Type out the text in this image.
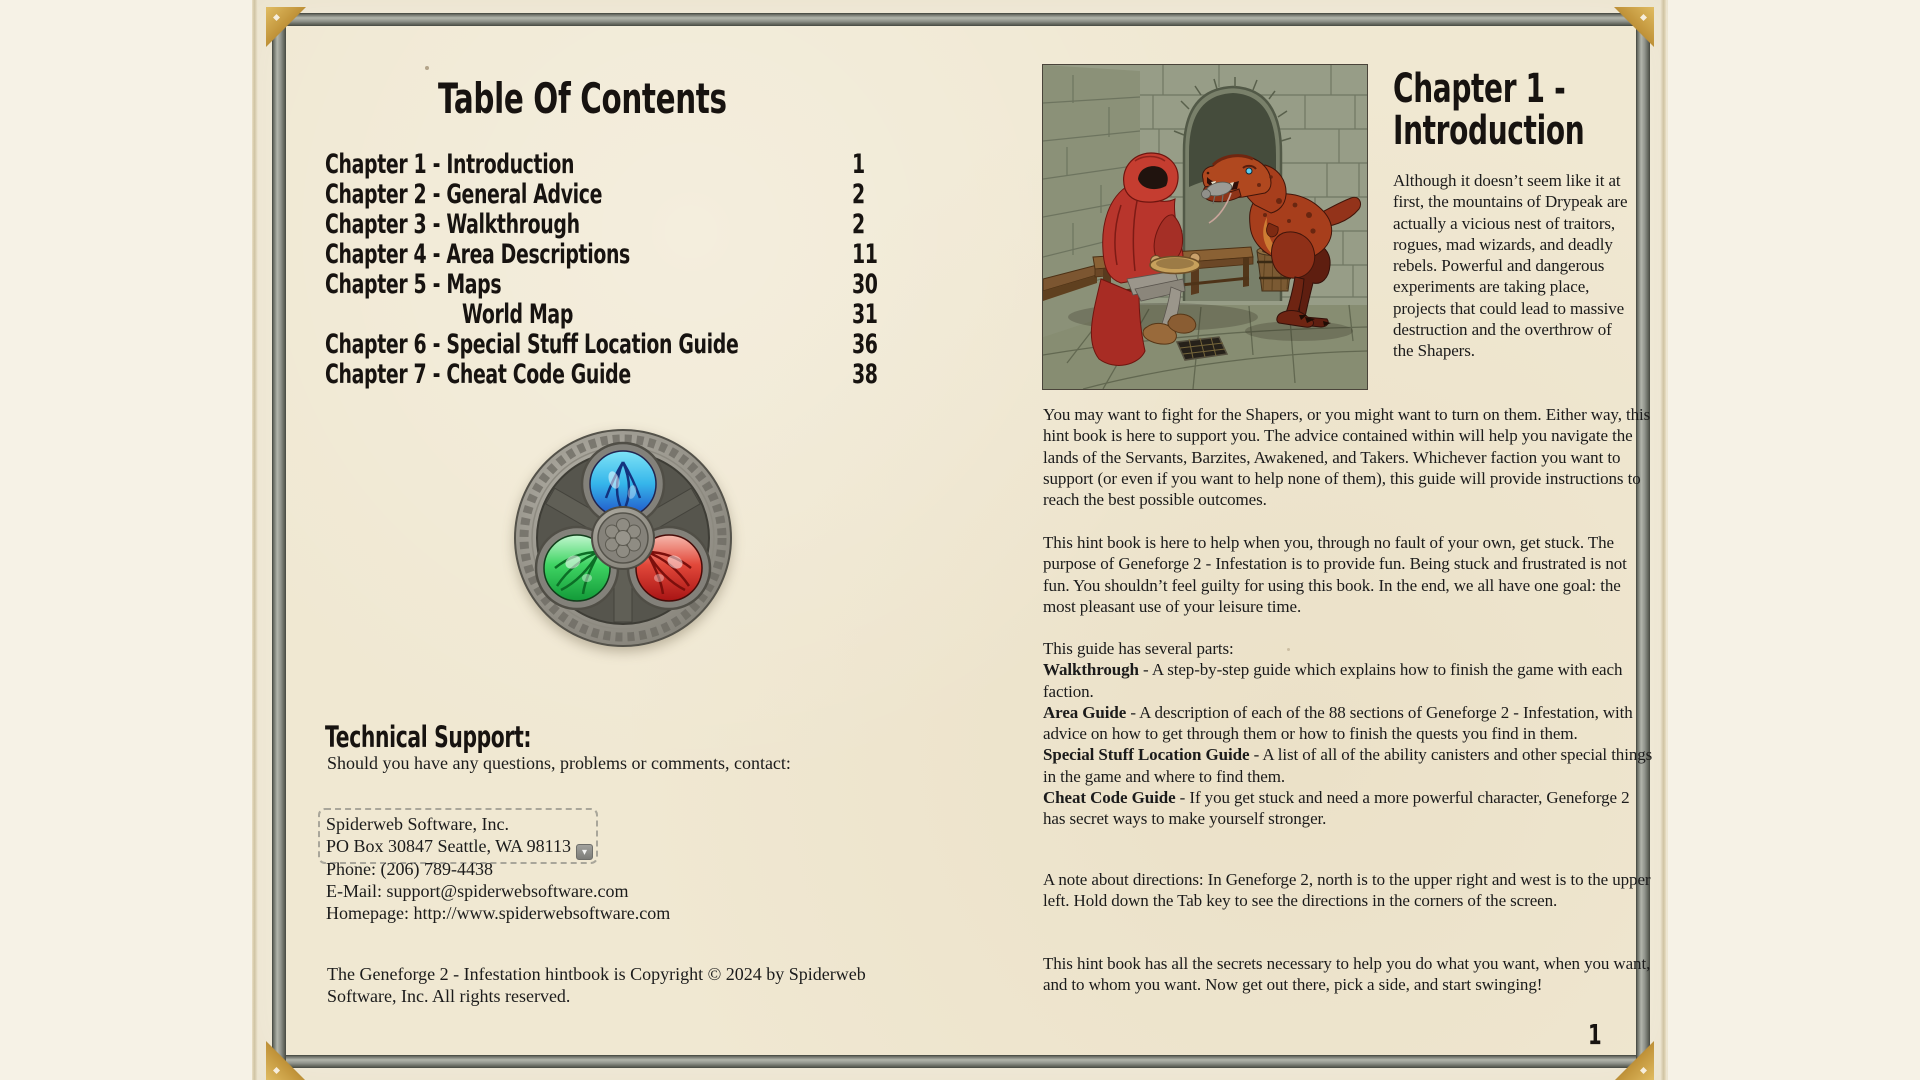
Table Of Contents
Chapter 1 - Introduction	1
Chapter 2 - General Advice	2
Chapter 3 - Walkthrough	2
Chapter 4 - Area Descriptions	11
Chapter 5 - Maps	30
World Map	31
Chapter 6 - Special Stuff Location Guide	36
Chapter 7 - Cheat Code Guide	38
Technical Support:
Should you have any questions, problems or comments, contact:
Spiderweb Software, Inc.
PO Box 30847 Seattle, WA 98113 ▾
Phone: (206) 789-4438
E-Mail: support@spiderwebsoftware.com
Homepage: http://www.spiderwebsoftware.com
The Geneforge 2 - Infestation hintbook is Copyright © 2024 by Spiderweb Software, Inc. All rights reserved.
Chapter 1 - Introduction
Although it doesn’t seem like it at first, the mountains of Drypeak are actually a vicious nest of traitors, rogues, mad wizards, and deadly rebels. Powerful and dangerous experiments are taking place, projects that could lead to massive destruction and the overthrow of the Shapers.
You may want to fight for the Shapers, or you might want to turn on them. Either way, this hint book is here to support you. The advice contained within will help you navigate the lands of the Servants, Barzites, Awakened, and Takers. Whichever faction you want to support (or even if you want to help none of them), this guide will provide instructions to reach the best possible outcomes.
This hint book is here to help when you, through no fault of your own, get stuck. The purpose of Geneforge 2 - Infestation is to provide fun. Being stuck and frustrated is not fun. You shouldn’t feel guilty for using this book. In the end, we all have one goal: the most pleasant use of your leisure time.
This guide has several parts:
Walkthrough - A step-by-step guide which explains how to finish the game with each faction.
Area Guide - A description of each of the 88 sections of Geneforge 2 - Infestation, with advice on how to get through them or how to finish the quests you find in them.
Special Stuff Location Guide - A list of all of the ability canisters and other special things in the game and where to find them.
Cheat Code Guide - If you get stuck and need a more powerful character, Geneforge 2 has secret ways to make yourself stronger.
A note about directions: In Geneforge 2, north is to the upper right and west is to the upper left. Hold down the Tab key to see the directions in the corners of the screen.
This hint book has all the secrets necessary to help you do what you want, when you want, and to whom you want. Now get out there, pick a side, and start swinging!
1
